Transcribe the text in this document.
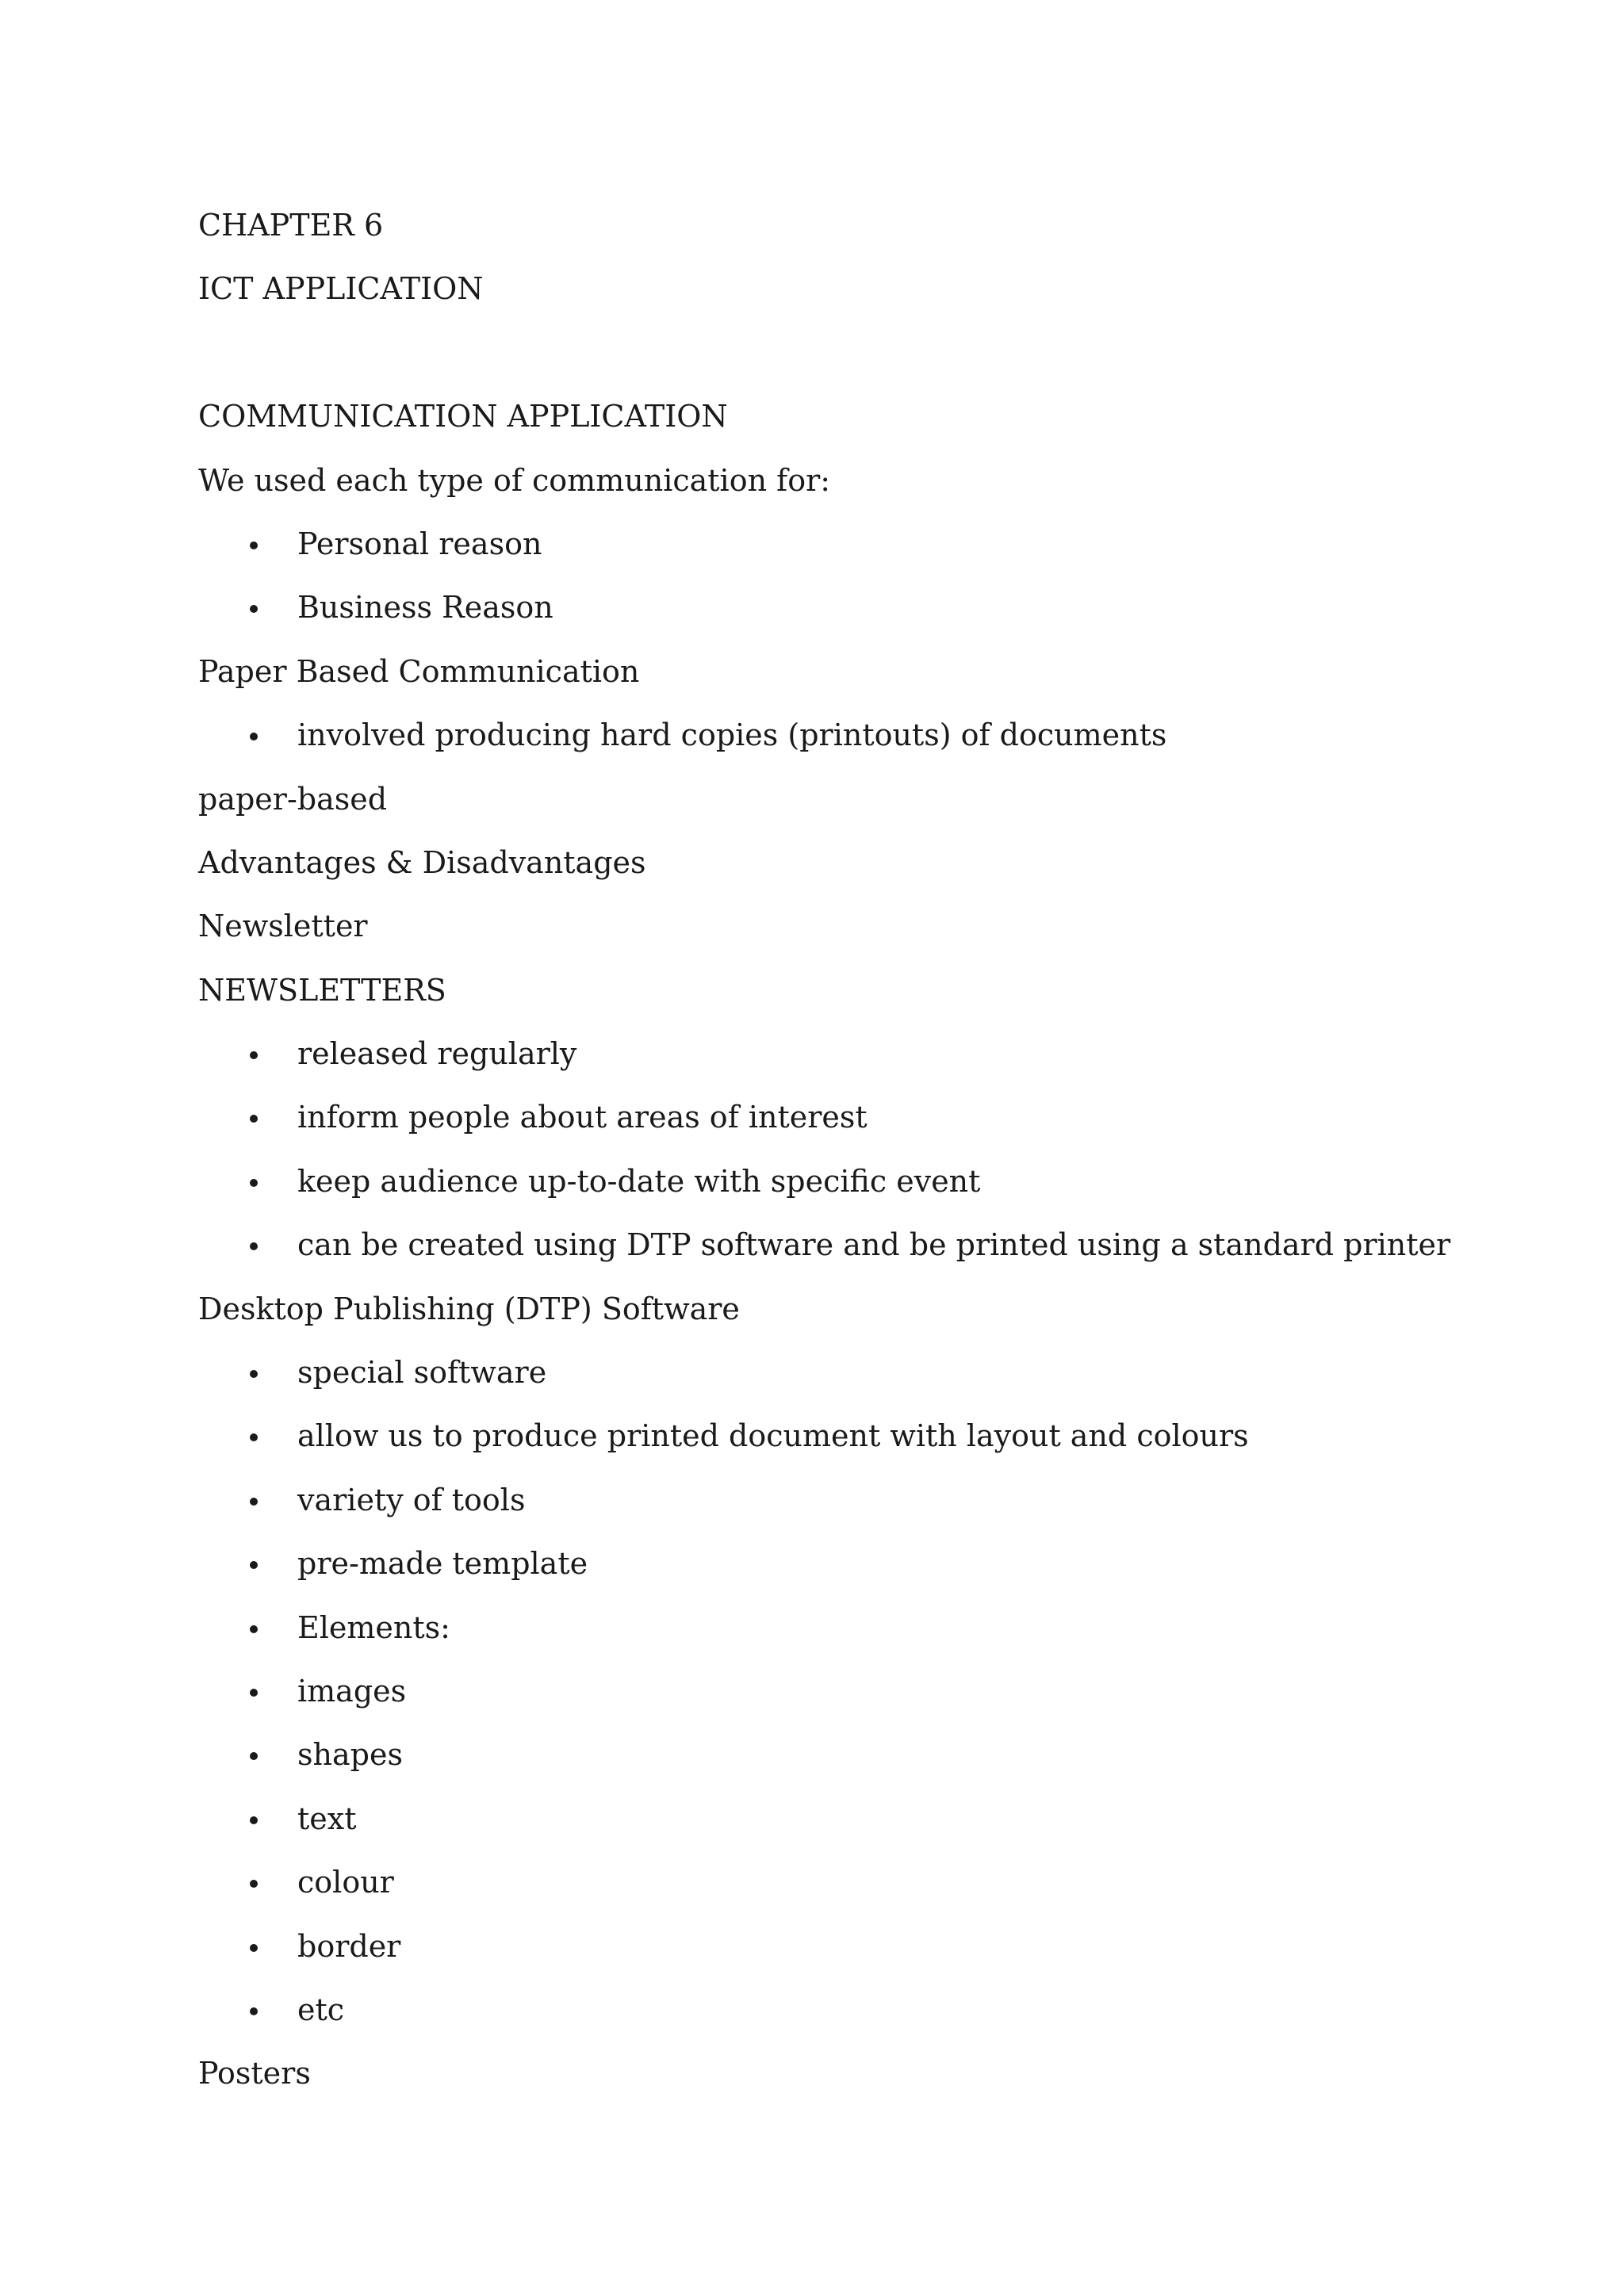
CHAPTER 6

ICT APPLICATION

COMMUNICATION APPLICATION

We used each type of communication for:

Personal reason
Business Reason

Paper Based Communication

involved producing hard copies (printouts) of documents

paper-based

Advantages & Disadvantages

Newsletter

NEWSLETTERS

released regularly
inform people about areas of interest
keep audience up-to-date with specific event
can be created using DTP software and be printed using a standard printer

Desktop Publishing (DTP) Software

special software
allow us to produce printed document with layout and colours
variety of tools
pre-made template
Elements:
images
shapes
text
colour
border
etc

Posters
